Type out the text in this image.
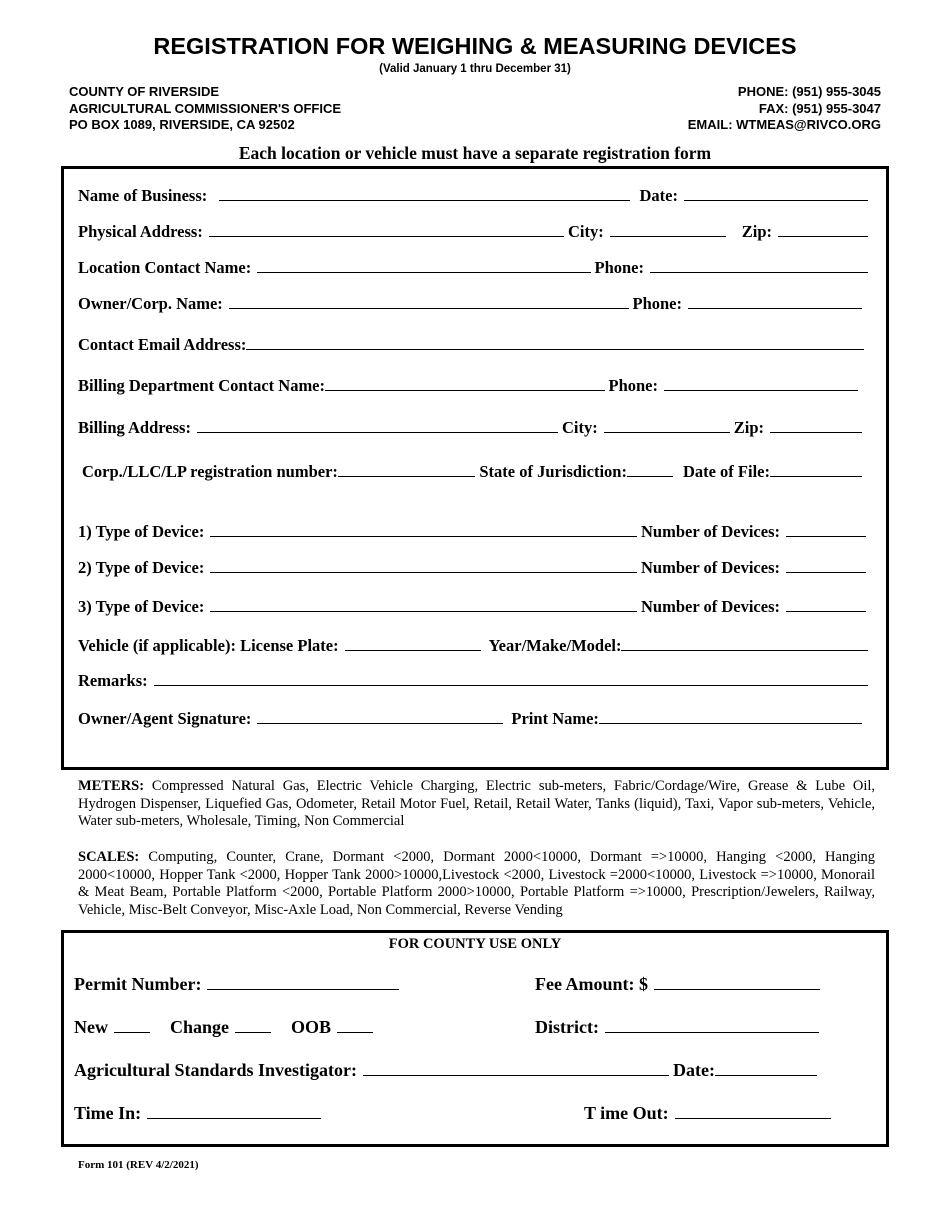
REGISTRATION FOR WEIGHING & MEASURING DEVICES
(Valid January 1 thru December 31)
COUNTY OF RIVERSIDE
AGRICULTURAL COMMISSIONER'S OFFICE
PO BOX 1089, RIVERSIDE, CA 92502
PHONE: (951) 955-3045
FAX: (951) 955-3047
EMAIL: WTMEAS@RIVCO.ORG
Each location or vehicle must have a separate registration form
Name of Business:	Date:
Physical Address:	City:	Zip:
Location Contact Name:	Phone:
Owner/Corp. Name:	Phone:
Contact Email Address:
Billing Department Contact Name:	Phone:
Billing Address:	City:	Zip:
Corp./LLC/LP registration number:	State of Jurisdiction:	Date of File:
1) Type of Device:	Number of Devices:
2) Type of Device:	Number of Devices:
3) Type of Device:	Number of Devices:
Vehicle (if applicable): License Plate:	Year/Make/Model:
Remarks:
Owner/Agent Signature:	Print Name:
METERS: Compressed Natural Gas, Electric Vehicle Charging, Electric sub-meters, Fabric/Cordage/Wire, Grease & Lube Oil, Hydrogen Dispenser, Liquefied Gas, Odometer, Retail Motor Fuel, Retail, Retail Water, Tanks (liquid), Taxi, Vapor sub-meters, Vehicle, Water sub-meters, Wholesale, Timing, Non Commercial
SCALES: Computing, Counter, Crane, Dormant <2000, Dormant 2000<10000, Dormant =>10000, Hanging <2000, Hanging 2000<10000, Hopper Tank <2000, Hopper Tank 2000>10000,Livestock <2000, Livestock =2000<10000, Livestock =>10000, Monorail & Meat Beam, Portable Platform <2000, Portable Platform 2000>10000, Portable Platform =>10000, Prescription/Jewelers, Railway, Vehicle, Misc-Belt Conveyor, Misc-Axle Load, Non Commercial, Reverse Vending
FOR COUNTY USE ONLY
Permit Number:	Fee Amount: $
New	Change	OOB	District:
Agricultural Standards Investigator:	Date:
Time In:	T ime Out:
Form 101 (REV 4/2/2021)
